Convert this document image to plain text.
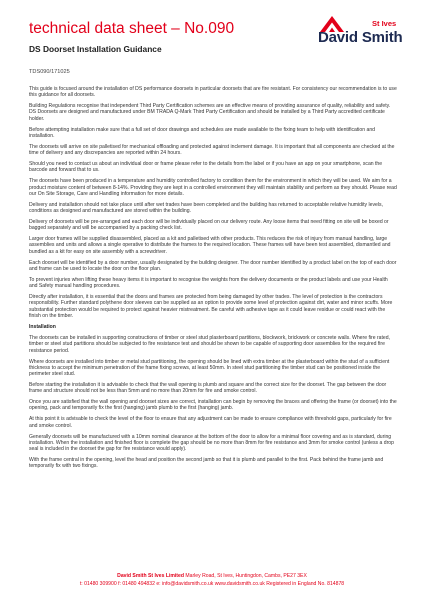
technical data sheet – No.090
DS Doorset Installation Guidance
TDS090/171025
St Ives
David Smith

This guide is focused around the installation of DS performance doorsets in particular doorsets that are fire resistant. For consistency our recommendation is to use this guidance for all doorsets.

Building Regulations recognise that independent Third Party Certification schemes are an effective means of providing assurance of quality, reliability and safety. DS Doorsets are designed and manufactured under BM TRADA Q-Mark Third Party Certification and should be installed by a Third Party accredited certificate holder.

Before attempting installation make sure that a full set of door drawings and schedules are made available to the fixing team to help with identification and installation.

The doorsets will arrive on site palletised for mechanical offloading and protected against inclement damage. It is important that all components are checked at the time of delivery and any discrepancies are reported within 24 hours.

Should you need to contact us about an individual door or frame please refer to the details from the label or if you have an app on your smartphone, scan the barcode and forward that to us.

The doorsets have been produced in a temperature and humidity controlled factory to condition them for the environment in which they will be used. We aim for a product moisture content of between 8-14%. Providing they are kept in a controlled environment they will maintain stability and perform as they should. Please read our On Site Storage, Care and Handling information for more details.

Delivery and installation should not take place until after wet trades have been completed and the building has returned to acceptable relative humidity levels, conditions as designed and manufactured are stored within the building.

Delivery of doorsets will be pre-arranged and each door will be individually placed on our delivery route. Any loose items that need fitting on site will be boxed or bagged separately and will be accompanied by a packing check list.

Larger door frames will be supplied disassembled, placed as a kit and palletised with other products. This reduces the risk of injury from manual handling, large assemblies and units and allows a single operative to distribute the frames to the required location. These frames will have been test assembled, dismantled and bundled as a kit for easy on site assembly with a screwdriver.

Each doorset will be identified by a door number, usually designated by the building designer. The door number identified by a product label on the top of each door and frame can be used to locate the door on the floor plan.

To prevent injuries when lifting these heavy items it is important to recognise the weights from the delivery documents or the product labels and use your Health and Safety manual handling procedures.

Directly after installation, it is essential that the doors and frames are protected from being damaged by other trades. The level of protection is the contractors responsibility. Further standard polythene door sleeves can be supplied as an option to provide some level of protection against dirt, water and minor scuffs. More substantial protection would be required to protect against heavier mistreatment. Be careful with adhesive tape as it could leave residue or could react with the finish on the timber.

Installation

The doorsets can be installed in supporting constructions of timber or steel stud plasterboard partitions, blockwork, brickwork or concrete walls. Where fire rated, timber or steel stud partitions should be subjected to fire resistance test and should be shown to be capable of supporting door assemblies for the required fire resistance period.

Where doorsets are installed into timber or metal stud partitioning, the opening should be lined with extra timber at the plasterboard within the stud of a sufficient thickness to accept the minimum penetration of the frame fixing screws, at least 50mm. In steel stud partitioning the timber stud can be positioned inside the perimeter steel stud.

Before starting the installation it is advisable to check that the wall opening is plumb and square and the correct size for the doorset. The gap between the door frame and structure should not be less than 5mm and no more than 20mm for fire and smoke control.

Once you are satisfied that the wall opening and doorset sizes are correct, installation can begin by removing the braces and offering the frame (or doorset) into the opening, pack and temporarily fix the first (hanging) jamb plumb to the first (hanging) jamb.

At this point it is advisable to check the level of the floor to ensure that any adjustment can be made to ensure compliance with threshold gaps, particularly for fire and smoke control.

Generally doorsets will be manufactured with a 10mm nominal clearance at the bottom of the door to allow for a minimal floor covering and as is standard, during installation. When the installation and finished floor is complete the gap should be no more than 8mm for fire resistance and 3mm for smoke control (unless a drop seal is included in the doorset the gap for fire resistance would apply).

With the frame central in the opening, level the head and position the second jamb so that it is plumb and parallel to the first. Pack behind the frame jamb and temporarily fix with two fixings.

David Smith St Ives Limited Marley Road, St Ives, Huntingdon, Cambs, PE27 3EX
t: 01480 309900 f: 01480 494832 e: info@davidsmith.co.uk www.davidsmith.co.uk Registered in England No. 814878
